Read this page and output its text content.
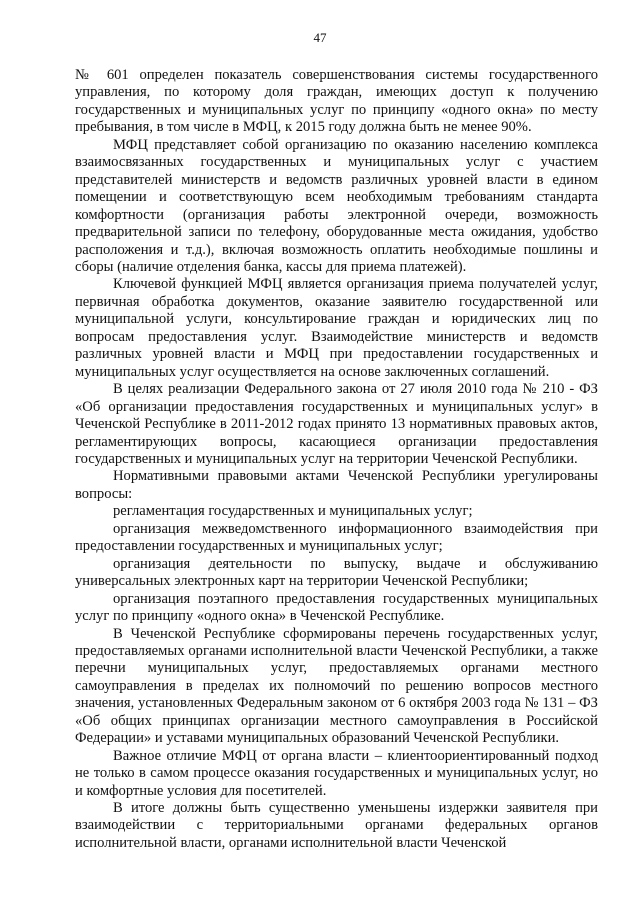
47

№ 601 определен показатель совершенствования системы государственного управления, по которому доля граждан, имеющих доступ к получению государственных и муниципальных услуг по принципу «одного окна» по месту пребывания, в том числе в МФЦ, к 2015 году должна быть не менее 90%.

МФЦ представляет собой организацию по оказанию населению комплекса взаимосвязанных государственных и муниципальных услуг с участием представителей министерств и ведомств различных уровней власти в едином помещении и соответствующую всем необходимым требованиям стандарта комфортности (организация работы электронной очереди, возможность предварительной записи по телефону, оборудованные места ожидания, удобство расположения и т.д.), включая возможность оплатить необходимые пошлины и сборы (наличие отделения банка, кассы для приема платежей).

Ключевой функцией МФЦ является организация приема получателей услуг, первичная обработка документов, оказание заявителю государственной или муниципальной услуги, консультирование граждан и юридических лиц по вопросам предоставления услуг. Взаимодействие министерств и ведомств различных уровней власти и МФЦ при предоставлении государственных и муниципальных услуг осуществляется на основе заключенных соглашений.

В целях реализации Федерального закона от 27 июля 2010 года № 210 - ФЗ «Об организации предоставления государственных и муниципальных услуг» в Чеченской Республике в 2011-2012 годах принято 13 нормативных правовых актов, регламентирующих вопросы, касающиеся организации предоставления государственных и муниципальных услуг на территории Чеченской Республики.

Нормативными правовыми актами Чеченской Республики урегулированы вопросы:

регламентация государственных и муниципальных услуг;

организация межведомственного информационного взаимодействия при предоставлении государственных и муниципальных услуг;

организация деятельности по выпуску, выдаче и обслуживанию универсальных электронных карт на территории Чеченской Республики;

организация поэтапного предоставления государственных муниципальных услуг по принципу «одного окна» в Чеченской Республике.

В Чеченской Республике сформированы перечень государственных услуг, предоставляемых органами исполнительной власти Чеченской Республики, а также перечни муниципальных услуг, предоставляемых органами местного самоуправления в пределах их полномочий по решению вопросов местного значения, установленных Федеральным законом от 6 октября 2003 года № 131 – ФЗ «Об общих принципах организации местного самоуправления в Российской Федерации» и уставами муниципальных образований Чеченской Республики.

Важное отличие МФЦ от органа власти – клиентоориентированный подход не только в самом процессе оказания государственных и муниципальных услуг, но и комфортные условия для посетителей.

В итоге должны быть существенно уменьшены издержки заявителя при взаимодействии с территориальными органами федеральных органов исполнительной власти, органами исполнительной власти Чеченской
